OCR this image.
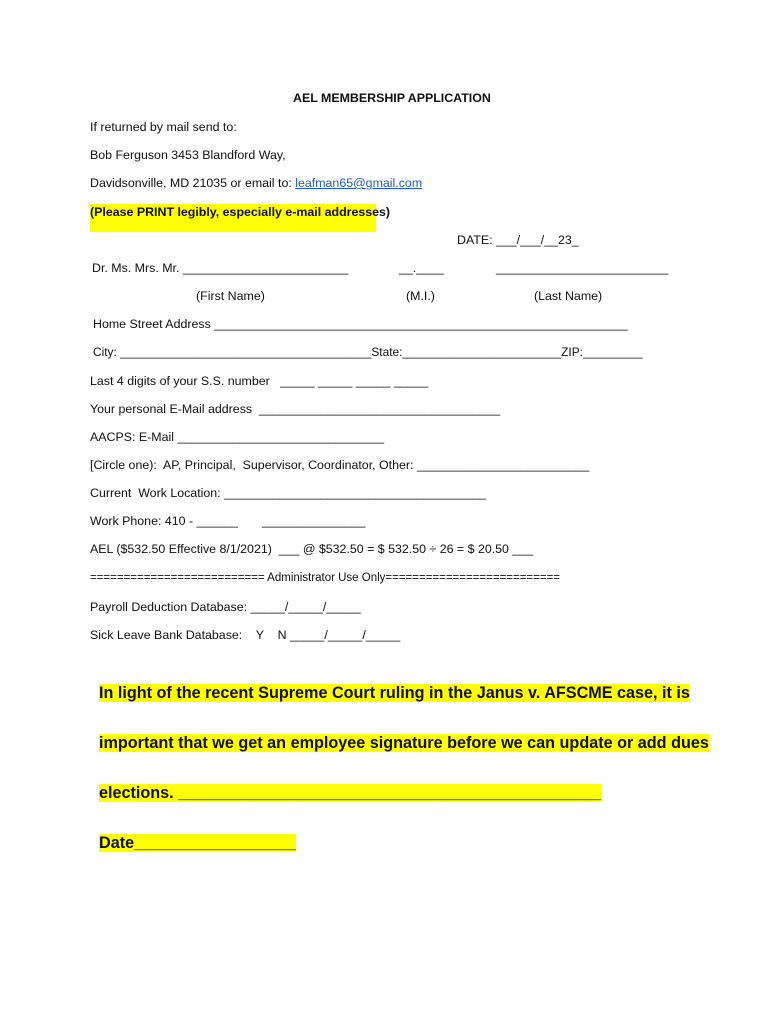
AEL MEMBERSHIP APPLICATION
If returned by mail send to:
Bob Ferguson 3453 Blandford Way,
Davidsonville, MD 21035 or email to: leafman65@gmail.com
(Please PRINT legibly, especially e-mail addresses)
DATE: ___/___/__23_
Dr. Ms. Mrs. Mr. ________________________	__.____	_________________________
(First Name)	(M.I.)	(Last Name)
Home Street Address ____________________________________________________________
City: ______________________________________State:________________________ZIP:_________
Last 4 digits of your S.S. number   _____ _____ _____ _____
Your personal E-Mail address  ___________________________________
AACPS: E-Mail ______________________________
[Circle one):  AP, Principal,  Supervisor, Coordinator, Other: _________________________
Current  Work Location: ______________________________________
Work Phone: 410 - ______       _______________
AEL ($532.50 Effective 8/1/2021)  ___ @ $532.50 = $ 532.50 ÷ 26 = $ 20.50 ___
========================== Administrator Use Only==========================
Payroll Deduction Database: _____/_____/_____
Sick Leave Bank Database:    Y    N _____/_____/_____

In light of the recent Supreme Court ruling in the Janus v. AFSCME case, it is

important that we get an employee signature before we can update or add dues

elections. _______________________________________________

Date__________________
